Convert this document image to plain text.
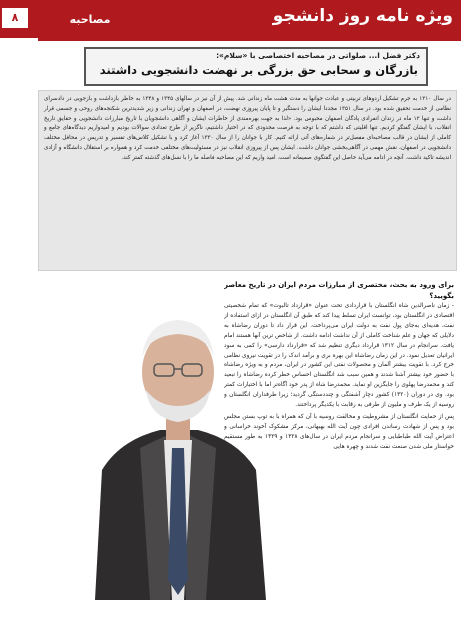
۸	مصاحبه	ویژه نامه روز دانشجو
دکتر فضل ا... صلواتی در مصاحبه اختصاصی با «سلام»:
بازرگان و سحابی حق بزرگی بر نهضت دانشجویی داشتند
در سال ۱۳۱۰ به جرم تشکیل اردوهای تربیتی و عبادت جوانها به مدت هشت ماه زندانی شد. پیش از آن نیز در سالهای ۱۳۴۵ و ۱۳۴۸ به خاطر بازداشت و بازجویی در دادسرای نظامی از خدمت تحقیق شده بود. در سال ۱۳۵۱ مجددا ایشان را دستگیر و تا پایان پیروزی نهضت، در اصفهان و تهران زندانی و زیر شدیدترین شکنجه‌های روحی و جسمی قرار داشت و تنها ۱۲ ماه در زندان انفرادی پادگان اصفهان محبوس بود. «لذا به جهت بهره‌مندی از خاطرات ایشان و آگاهی دانشجویان با تاریخ مبارزات دانشجویی و حقایق تاریخ انقلاب، با ایشان گفتگو کردیم. تنها اقلیتی که داشتم که با توجه به فرصت محدودی که در اختیار داشتیم، ناگزیر از طرح تعدادی سوالات بودیم و امیدواریم دیدگاه‌های جامع و کاملی از ایشان در قالب مصاحبه‌ای مفصل‌تر در شماره‌های آتی ارائه کنیم. کار با جوانان را از سال ۱۳۳۰ آغاز کرد و با تشکیل کلاس‌های تفسیر و تدریس در محافل مختلف دانشجویی در اصفهان، نقش مهمی در آگاهی‌بخشی جوانان داشت. ایشان پس از پیروزی انقلاب نیز در مسئولیت‌های مختلفی خدمت کرد و همواره بر استقلال دانشگاه و آزادی اندیشه تاکید داشت. آنچه در ادامه می‌آید حاصل این گفتگوی صمیمانه است. امید واریم که این مصاحبه فاصله ما را با نسل‌های گذشته کمتر کند.
برای ورود به بحث، مختصری از مبارزات مردم ایران در تاریخ معاصر بگویید؟

- زمان ناصرالدین شاه انگلستان با قراردادی تحت عنوان «قرارداد تالبوت» که تمام شخصیتی اقتصادی در انگلستان بود، توانست ایران تسلط پیدا کند که طبق آن انگلستان در ازای استفاده از نفت، هدیه‌ای به‌جای پول نفت به دولت ایران می‌پرداخت. این قرار داد تا دوران رضاشاه به دلایلی که جهان و علم شناخت کاملی از آن نداشت ادامه داشت. از شاخص ترین آنها هستند امام یافت. سرانجام در سال ۱۳۱۲ قرارداد دیگری تنظیم شد که «قرارداد دارسی» را کمی به سود ایرانیان تعدیل نمود. در این زمان رضاشاه این بهره بری و برآمد اندک را در تقویت نیروی نظامی خرج کرد. با تقویت بیشتر آلمان و محصولات نفتی این کشور در ایران، مردم و به ویژه رضاشاه با حضور خود بیشتر آشنا شدند و همین سبب شد انگلستان احساس خطر کرده رضاشاه را تبعید کند و محمدرضا پهلوی را جایگزین او نماید. محمدرضا شاه از پدر خود آگاه‌تر اما با اختیارات کمتر بود. وی در دوران (۱۳۲۰) کشور دچار آشفتگی و چنددستگی گردید؛ زیرا طرفداران انگلستان و روسیه از یک طرف و ملیون از طرفی به رقابت با یکدیگر پرداختند.

پس از حمایت انگلستان از مشروطیت و مخالفت روسیه با آن که همراه با به توپ بستن مجلس بود و پس از شهادت رساندن افرادی چون آیت الله بهبهانی، مرکز مشکوک آخوند خراسانی و اعتراض آیت الله طباطبایی و سرانجام مردم ایران در سال‌های ۱۳۲۸ و ۱۳۲۹ به طور مستقیم خواستار ملی شدن صنعت نفت شدند و چهره هایی
